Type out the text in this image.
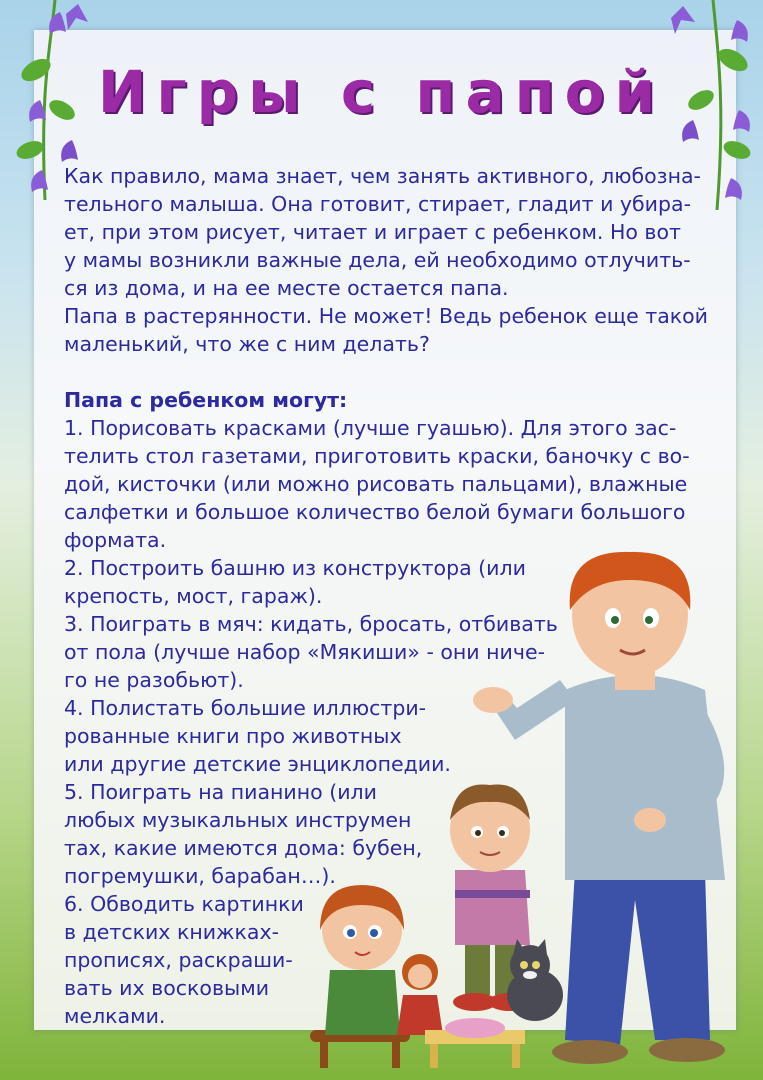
Игры с папой

Как правило, мама знает, чем занять активного, любозна-

тельного малыша. Она готовит, стирает, гладит и убира-

ет, при этом рисует, читает и играет с ребенком. Но вот

у мамы возникли важные дела, ей необходимо отлучить-

ся из дома, и на ее месте остается папа.

Папа в растерянности. Не может! Ведь ребенок еще такой

маленький, что же с ним делать?

Папа с ребенком могут:

1. Порисовать красками (лучше гуашью). Для этого зас-

телить стол газетами, приготовить краски, баночку с во-

дой, кисточки (или можно рисовать пальцами), влажные

салфетки и большое количество белой бумаги большого

формата.

2. Построить башню из конструктора (или

крепость, мост, гараж).

3. Поиграть в мяч: кидать, бросать, отбивать

от пола (лучше набор «Мякиши» - они ниче-

го не разобьют).

4. Полистать большие иллюстри-

рованные книги про животных

или другие детские энциклопедии.

5. Поиграть на пианино (или

любых музыкальных инструмен

тах, какие имеются дома: бубен,

погремушки, барабан…).

6. Обводить картинки

в детских книжках-

прописях, раскраши-

вать их восковыми

мелками.
